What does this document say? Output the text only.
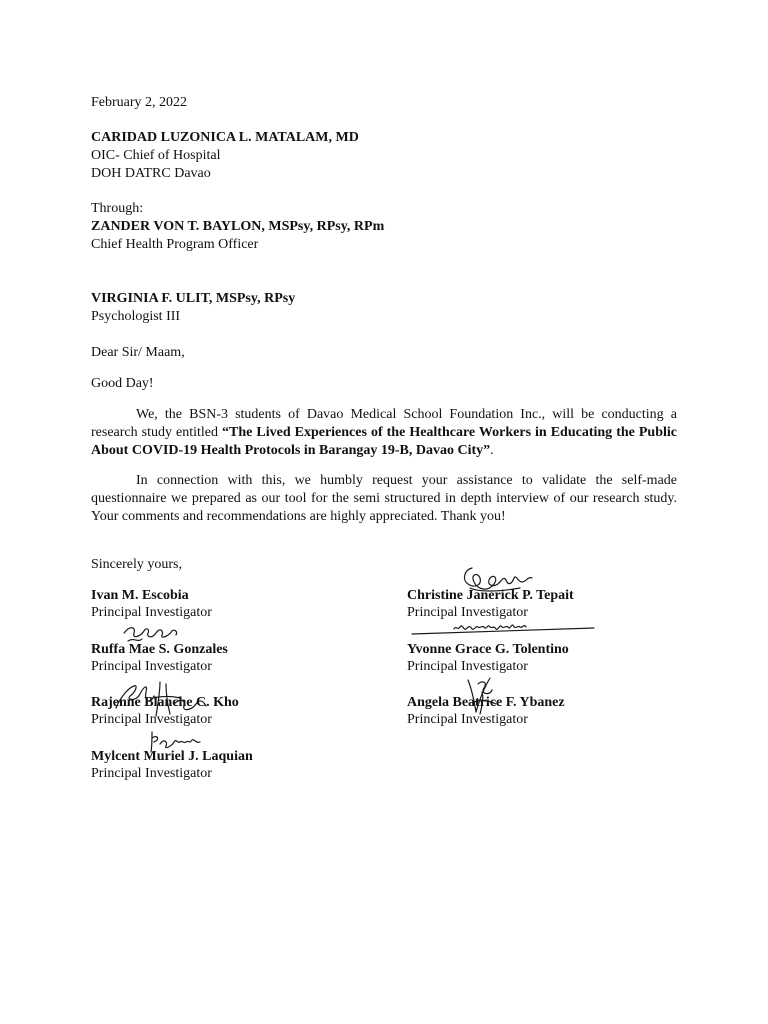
February 2, 2022
CARIDAD LUZONICA L. MATALAM, MD
OIC- Chief of Hospital
DOH DATRC Davao
Through:
ZANDER VON T. BAYLON, MSPsy, RPsy, RPm
Chief Health Program Officer
VIRGINIA F. ULIT, MSPsy, RPsy
Psychologist III
Dear Sir/ Maam,
Good Day!

We, the BSN-3 students of Davao Medical School Foundation Inc., will be conducting a research study entitled “The Lived Experiences of the Healthcare Workers in Educating the Public About COVID-19 Health Protocols in Barangay 19-B, Davao City”.

In connection with this, we humbly request your assistance to validate the self-made questionnaire we prepared as our tool for the semi structured in depth interview of our research study. Your comments and recommendations are highly appreciated. Thank you!

Sincerely yours,
Ivan M. Escobia
Principal Investigator
Christine Janerick P. Tepait
Principal Investigator
Ruffa Mae S. Gonzales
Principal Investigator
Yvonne Grace G. Tolentino
Principal Investigator
Rajenne Blanche C. Kho
Principal Investigator
Angela Beatrice F. Ybanez
Principal Investigator
Mylcent Muriel J. Laquian
Principal Investigator
